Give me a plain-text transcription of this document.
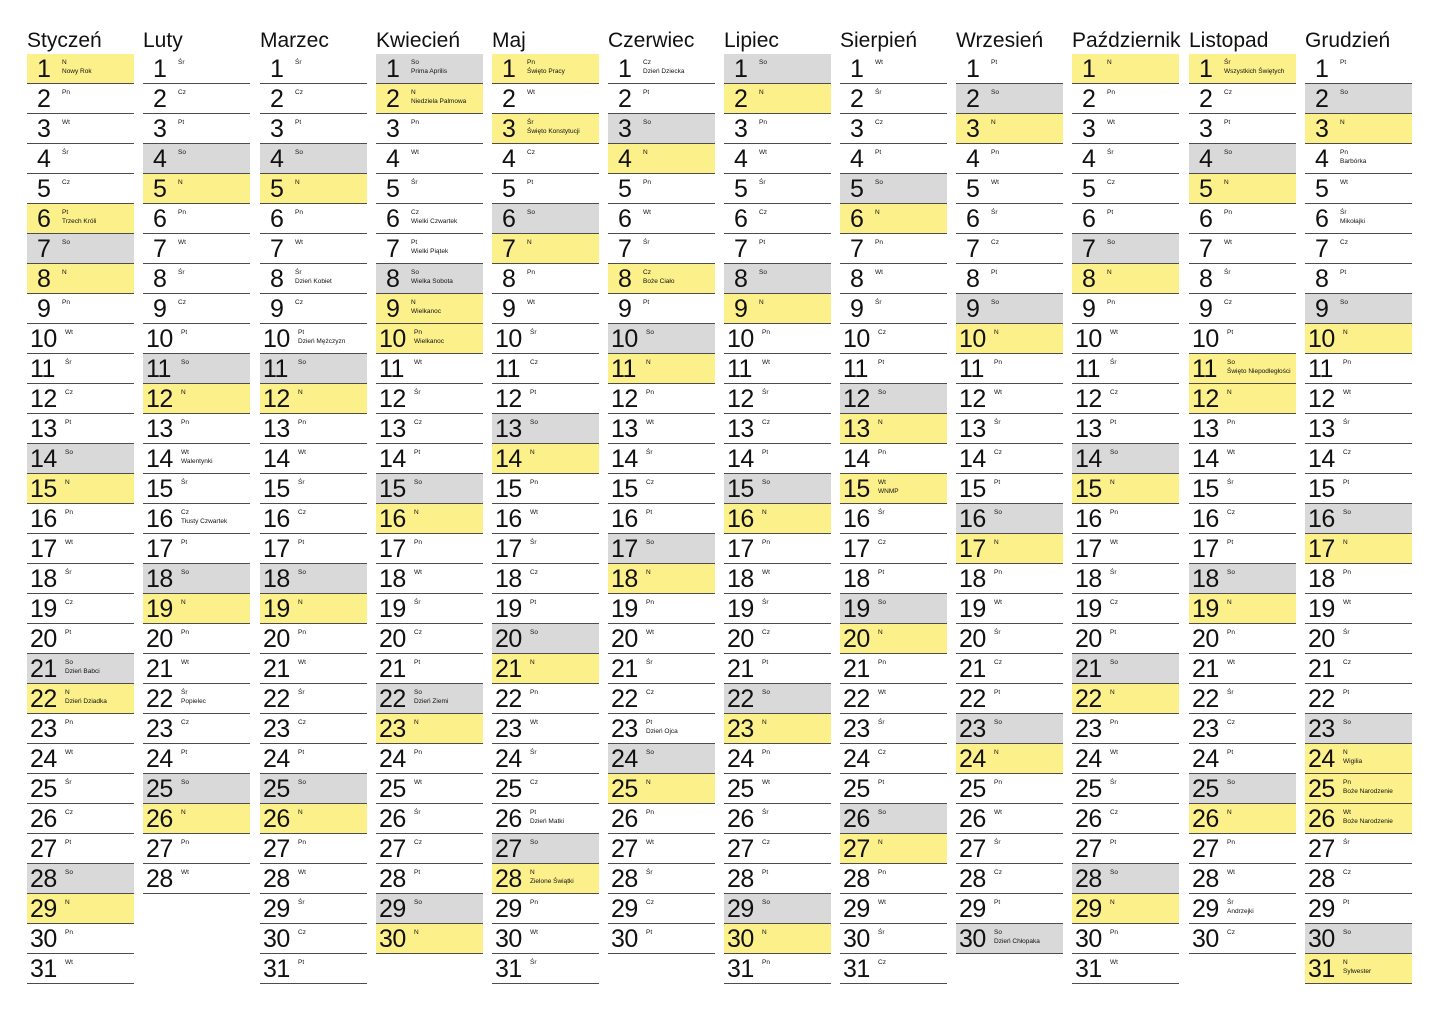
Styczeń
1 N
Nowy Rok
2 Pn
3 Wt
4 Śr
5 Cz
6 Pt
Trzech Króli
7 So
8 N
9 Pn
10 Wt
11 Śr
12 Cz
13 Pt
14 So
15 N
16 Pn
17 Wt
18 Śr
19 Cz
20 Pt
21 So
Dzień Babci
22 N
Dzień Dziadka
23 Pn
24 Wt
25 Śr
26 Cz
27 Pt
28 So
29 N
30 Pn
31 Wt
Luty
1 Śr
2 Cz
3 Pt
4 So
5 N
6 Pn
7 Wt
8 Śr
9 Cz
10 Pt
11 So
12 N
13 Pn
14 Wt
Walentynki
15 Śr
16 Cz
Tłusty Czwartek
17 Pt
18 So
19 N
20 Pn
21 Wt
22 Śr
Popielec
23 Cz
24 Pt
25 So
26 N
27 Pn
28 Wt
Marzec
1 Śr
2 Cz
3 Pt
4 So
5 N
6 Pn
7 Wt
8 Śr
Dzień Kobiet
9 Cz
10 Pt
Dzień Mężczyzn
11 So
12 N
13 Pn
14 Wt
15 Śr
16 Cz
17 Pt
18 So
19 N
20 Pn
21 Wt
22 Śr
23 Cz
24 Pt
25 So
26 N
27 Pn
28 Wt
29 Śr
30 Cz
31 Pt
Kwiecień
1 So
Prima Aprilis
2 N
Niedziela Palmowa
3 Pn
4 Wt
5 Śr
6 Cz
Wielki Czwartek
7 Pt
Wielki Piątek
8 So
Wielka Sobota
9 N
Wielkanoc
10 Pn
Wielkanoc
11 Wt
12 Śr
13 Cz
14 Pt
15 So
16 N
17 Pn
18 Wt
19 Śr
20 Cz
21 Pt
22 So
Dzień Ziemi
23 N
24 Pn
25 Wt
26 Śr
27 Cz
28 Pt
29 So
30 N
Maj
1 Pn
Święto Pracy
2 Wt
3 Śr
Święto Konstytucji
4 Cz
5 Pt
6 So
7 N
8 Pn
9 Wt
10 Śr
11 Cz
12 Pt
13 So
14 N
15 Pn
16 Wt
17 Śr
18 Cz
19 Pt
20 So
21 N
22 Pn
23 Wt
24 Śr
25 Cz
26 Pt
Dzień Matki
27 So
28 N
Zielone Świątki
29 Pn
30 Wt
31 Śr
Czerwiec
1 Cz
Dzień Dziecka
2 Pt
3 So
4 N
5 Pn
6 Wt
7 Śr
8 Cz
Boże Ciało
9 Pt
10 So
11 N
12 Pn
13 Wt
14 Śr
15 Cz
16 Pt
17 So
18 N
19 Pn
20 Wt
21 Śr
22 Cz
23 Pt
Dzień Ojca
24 So
25 N
26 Pn
27 Wt
28 Śr
29 Cz
30 Pt
Lipiec
1 So
2 N
3 Pn
4 Wt
5 Śr
6 Cz
7 Pt
8 So
9 N
10 Pn
11 Wt
12 Śr
13 Cz
14 Pt
15 So
16 N
17 Pn
18 Wt
19 Śr
20 Cz
21 Pt
22 So
23 N
24 Pn
25 Wt
26 Śr
27 Cz
28 Pt
29 So
30 N
31 Pn
Sierpień
1 Wt
2 Śr
3 Cz
4 Pt
5 So
6 N
7 Pn
8 Wt
9 Śr
10 Cz
11 Pt
12 So
13 N
14 Pn
15 Wt
WNMP
16 Śr
17 Cz
18 Pt
19 So
20 N
21 Pn
22 Wt
23 Śr
24 Cz
25 Pt
26 So
27 N
28 Pn
29 Wt
30 Śr
31 Cz
Wrzesień
1 Pt
2 So
3 N
4 Pn
5 Wt
6 Śr
7 Cz
8 Pt
9 So
10 N
11 Pn
12 Wt
13 Śr
14 Cz
15 Pt
16 So
17 N
18 Pn
19 Wt
20 Śr
21 Cz
22 Pt
23 So
24 N
25 Pn
26 Wt
27 Śr
28 Cz
29 Pt
30 So
Dzień Chłopaka
Październik
1 N
2 Pn
3 Wt
4 Śr
5 Cz
6 Pt
7 So
8 N
9 Pn
10 Wt
11 Śr
12 Cz
13 Pt
14 So
15 N
16 Pn
17 Wt
18 Śr
19 Cz
20 Pt
21 So
22 N
23 Pn
24 Wt
25 Śr
26 Cz
27 Pt
28 So
29 N
30 Pn
31 Wt
Listopad
1 Śr
Wszystkich Świętych
2 Cz
3 Pt
4 So
5 N
6 Pn
7 Wt
8 Śr
9 Cz
10 Pt
11 So
Święto Niepodległości
12 N
13 Pn
14 Wt
15 Śr
16 Cz
17 Pt
18 So
19 N
20 Pn
21 Wt
22 Śr
23 Cz
24 Pt
25 So
26 N
27 Pn
28 Wt
29 Śr
Andrzejki
30 Cz
Grudzień
1 Pt
2 So
3 N
4 Pn
Barbórka
5 Wt
6 Śr
Mikołajki
7 Cz
8 Pt
9 So
10 N
11 Pn
12 Wt
13 Śr
14 Cz
15 Pt
16 So
17 N
18 Pn
19 Wt
20 Śr
21 Cz
22 Pt
23 So
24 N
Wigilia
25 Pn
Boże Narodzenie
26 Wt
Boże Narodzenie
27 Śr
28 Cz
29 Pt
30 So
31 N
Sylwester
